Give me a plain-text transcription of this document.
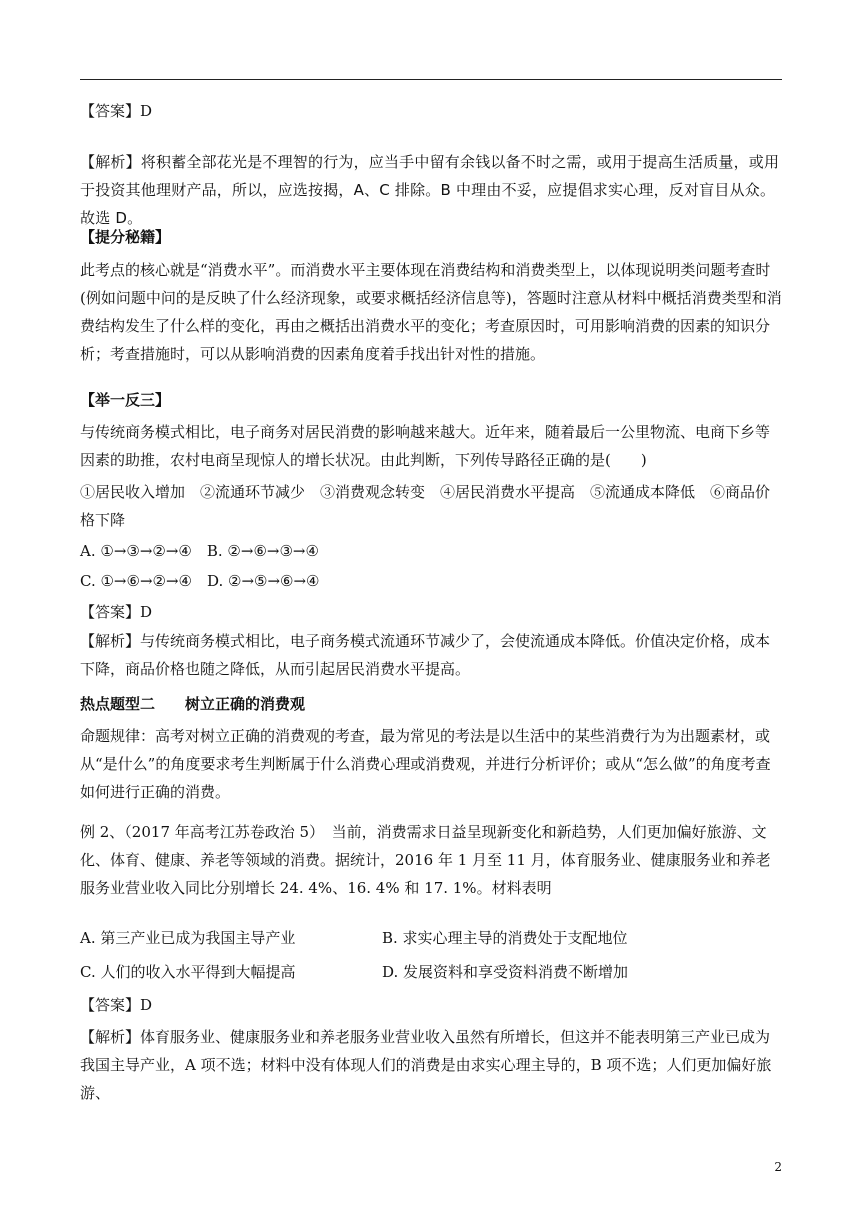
【答案】D

【解析】将积蓄全部花光是不理智的行为，应当手中留有余钱以备不时之需，或用于提高生活质量，或用于投资其他理财产品，所以，应选按揭，A、C 排除。B 中理由不妥，应提倡求实心理，反对盲目从众。故选 D。

【提分秘籍】

此考点的核心就是“消费水平”。而消费水平主要体现在消费结构和消费类型上，以体现说明类问题考查时(例如问题中问的是反映了什么经济现象，或要求概括经济信息等)，答题时注意从材料中概括消费类型和消费结构发生了什么样的变化，再由之概括出消费水平的变化；考查原因时，可用影响消费的因素的知识分析；考查措施时，可以从影响消费的因素角度着手找出针对性的措施。

【举一反三】

与传统商务模式相比，电子商务对居民消费的影响越来越大。近年来，随着最后一公里物流、电商下乡等因素的助推，农村电商呈现惊人的增长状况。由此判断，下列传导路径正确的是(　　)

①居民收入增加　②流通环节减少　③消费观念转变　④居民消费水平提高　⑤流通成本降低　⑥商品价格下降

A. ①→③→②→④　B. ②→⑥→③→④

C. ①→⑥→②→④　D. ②→⑤→⑥→④

【答案】D

【解析】与传统商务模式相比，电子商务模式流通环节减少了，会使流通成本降低。价值决定价格，成本下降，商品价格也随之降低，从而引起居民消费水平提高。

热点题型二　　树立正确的消费观

命题规律：高考对树立正确的消费观的考查，最为常见的考法是以生活中的某些消费行为为出题素材，或从“是什么”的角度要求考生判断属于什么消费心理或消费观，并进行分析评价；或从“怎么做”的角度考查如何进行正确的消费。

例 2、（2017 年高考江苏卷政治 5）　当前，消费需求日益呈现新变化和新趋势，人们更加偏好旅游、文化、体育、健康、养老等领域的消费。据统计，2016 年 1 月至 11 月，体育服务业、健康服务业和养老服务业营业收入同比分别增长 24. 4%、16. 4% 和 17. 1%。材料表明

A. 第三产业已成为我国主导产业	B. 求实心理主导的消费处于支配地位
C. 人们的收入水平得到大幅提高	D. 发展资料和享受资料消费不断增加

【答案】D

【解析】体育服务业、健康服务业和养老服务业营业收入虽然有所增长，但这并不能表明第三产业已成为我国主导产业，A 项不选；材料中没有体现人们的消费是由求实心理主导的，B 项不选；人们更加偏好旅游、

2
